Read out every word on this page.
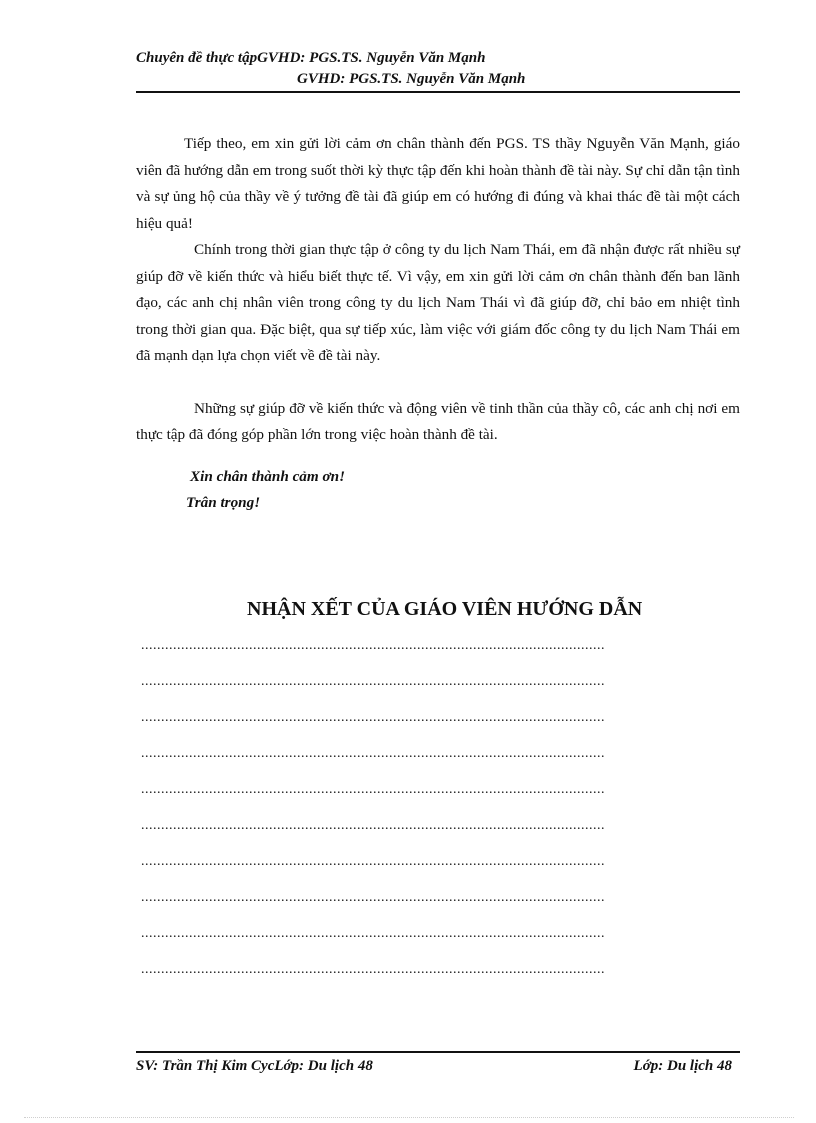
Chuyên đề thực tậpGVHD: PGS.TS. Nguyễn Văn Mạnh
GVHD: PGS.TS. Nguyễn Văn Mạnh

Tiếp theo, em xin gửi lời cảm ơn chân thành đến PGS. TS thầy Nguyễn Văn Mạnh, giáo viên đã hướng dẫn em trong suốt thời kỳ thực tập đến khi hoàn thành đề tài này. Sự chỉ dẫn tận tình và sự ủng hộ của thầy về ý tưởng đề tài đã giúp em có hướng đi đúng và khai thác đề tài một cách hiệu quả!

Chính trong thời gian thực tập ở công ty du lịch Nam Thái, em đã nhận được rất nhiều sự giúp đỡ về kiến thức và hiểu biết thực tế. Vì vậy, em xin gửi lời cảm ơn chân thành đến ban lãnh đạo, các anh chị nhân viên trong công ty du lịch Nam Thái vì đã giúp đỡ, chỉ bảo em nhiệt tình trong thời gian qua. Đặc biệt, qua sự tiếp xúc, làm việc với giám đốc công ty du lịch Nam Thái em đã mạnh dạn lựa chọn viết về đề tài này.

Những sự giúp đỡ về kiến thức và động viên về tinh thần của thầy cô, các anh chị nơi em thực tập đã đóng góp phần lớn trong việc hoàn thành đề tài.

Xin chân thành cảm ơn!
Trân trọng!
NHẬN XẾT CỦA GIÁO VIÊN HƯỚNG DẪN
....................................................................................................................
....................................................................................................................
....................................................................................................................
....................................................................................................................
....................................................................................................................
....................................................................................................................
....................................................................................................................
....................................................................................................................
....................................................................................................................
....................................................................................................................
SV: Trần Thị Kim CycLớp: Du lịch 48	Lớp: Du lịch 48
